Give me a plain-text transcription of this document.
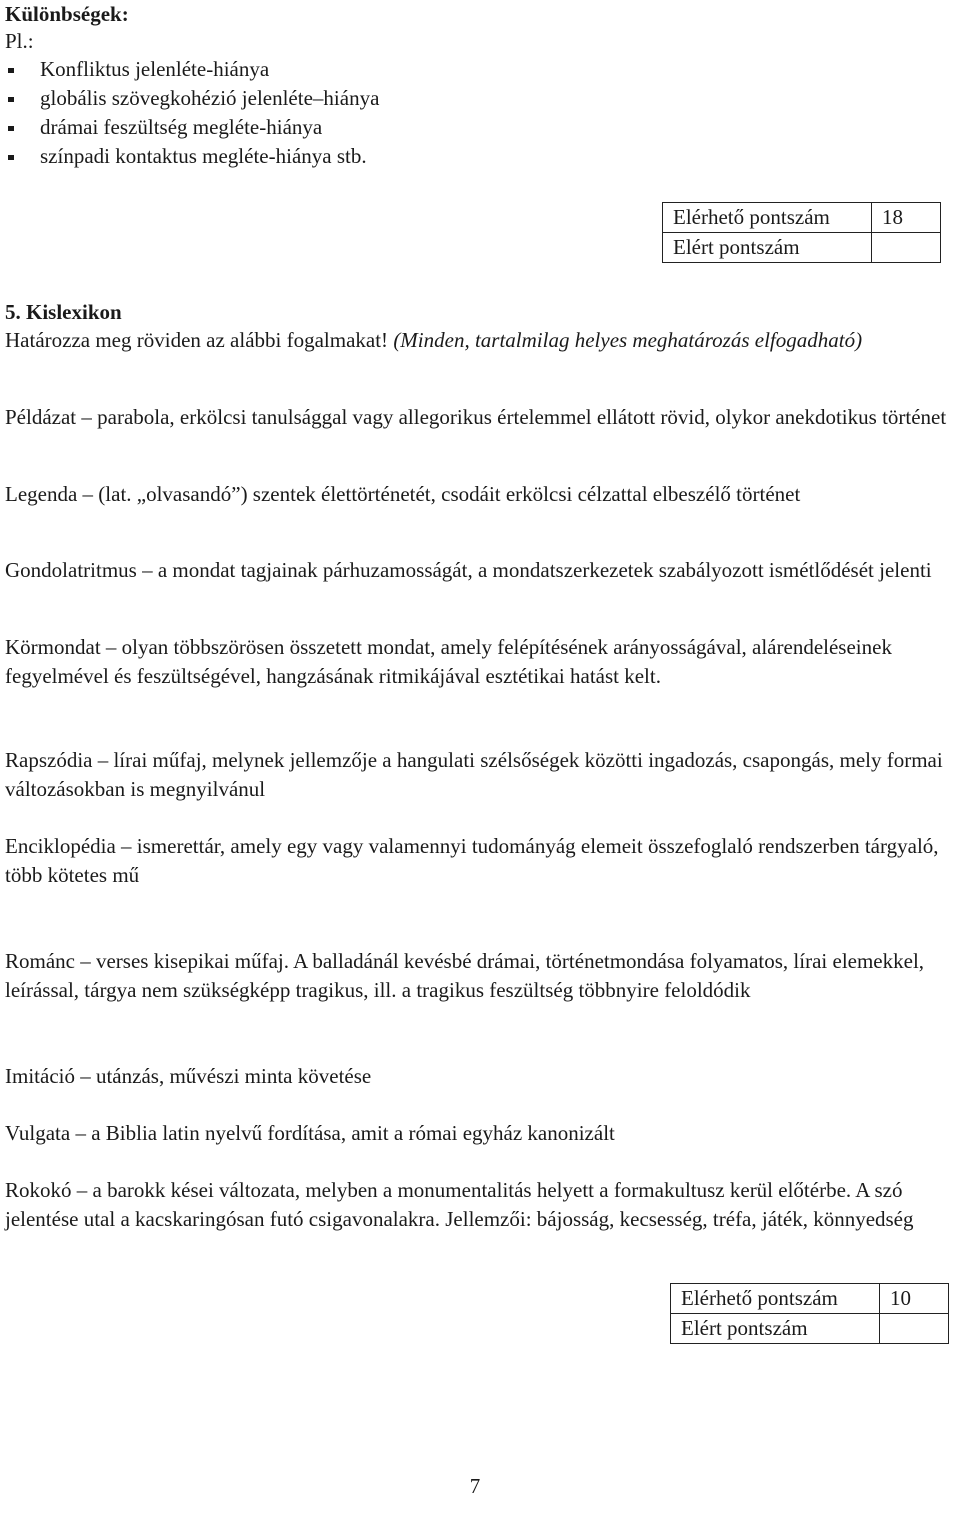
Különbségek:

Pl.:

Konfliktus jelenléte-hiánya
globális szövegkohézió jelenléte–hiánya
drámai feszültség megléte-hiánya
színpadi kontaktus megléte-hiánya stb.
Elérhető pontszám	18
Elért pontszám	

5. Kislexikon

Határozza meg röviden az alábbi fogalmakat! (Minden, tartalmilag helyes meghatározás elfogadható)

Példázat – parabola, erkölcsi tanulsággal vagy allegorikus értelemmel ellátott rövid, olykor anekdotikus történet

Legenda – (lat. „olvasandó”) szentek élettörténetét, csodáit erkölcsi célzattal elbeszélő történet

Gondolatritmus – a mondat tagjainak párhuzamosságát, a mondatszerkezetek szabályozott ismétlődését jelenti

Körmondat – olyan többszörösen összetett mondat, amely felépítésének arányosságával, alárendeléseinek fegyelmével és feszültségével, hangzásának ritmikájával esztétikai hatást kelt.

Rapszódia – lírai műfaj, melynek jellemzője a hangulati szélsőségek közötti ingadozás, csapongás, mely formai változásokban is megnyilvánul

Enciklopédia – ismerettár, amely egy vagy valamennyi tudományág elemeit összefoglaló rendszerben tárgyaló, több kötetes mű

Románc – verses kisepikai műfaj. A balladánál kevésbé drámai, történetmondása folyamatos, lírai elemekkel, leírással, tárgya nem szükségképp tragikus, ill. a tragikus feszültség többnyire feloldódik

Imitáció – utánzás, művészi minta követése

Vulgata – a Biblia latin nyelvű fordítása, amit a római egyház kanonizált

Rokokó – a barokk kései változata, melyben a monumentalitás helyett a formakultusz kerül előtérbe. A szó jelentése utal a kacskaringósan futó csigavonalakra. Jellemzői: bájosság, kecsesség, tréfa, játék, könnyedség

Elérhető pontszám	10
Elért pontszám	
7
